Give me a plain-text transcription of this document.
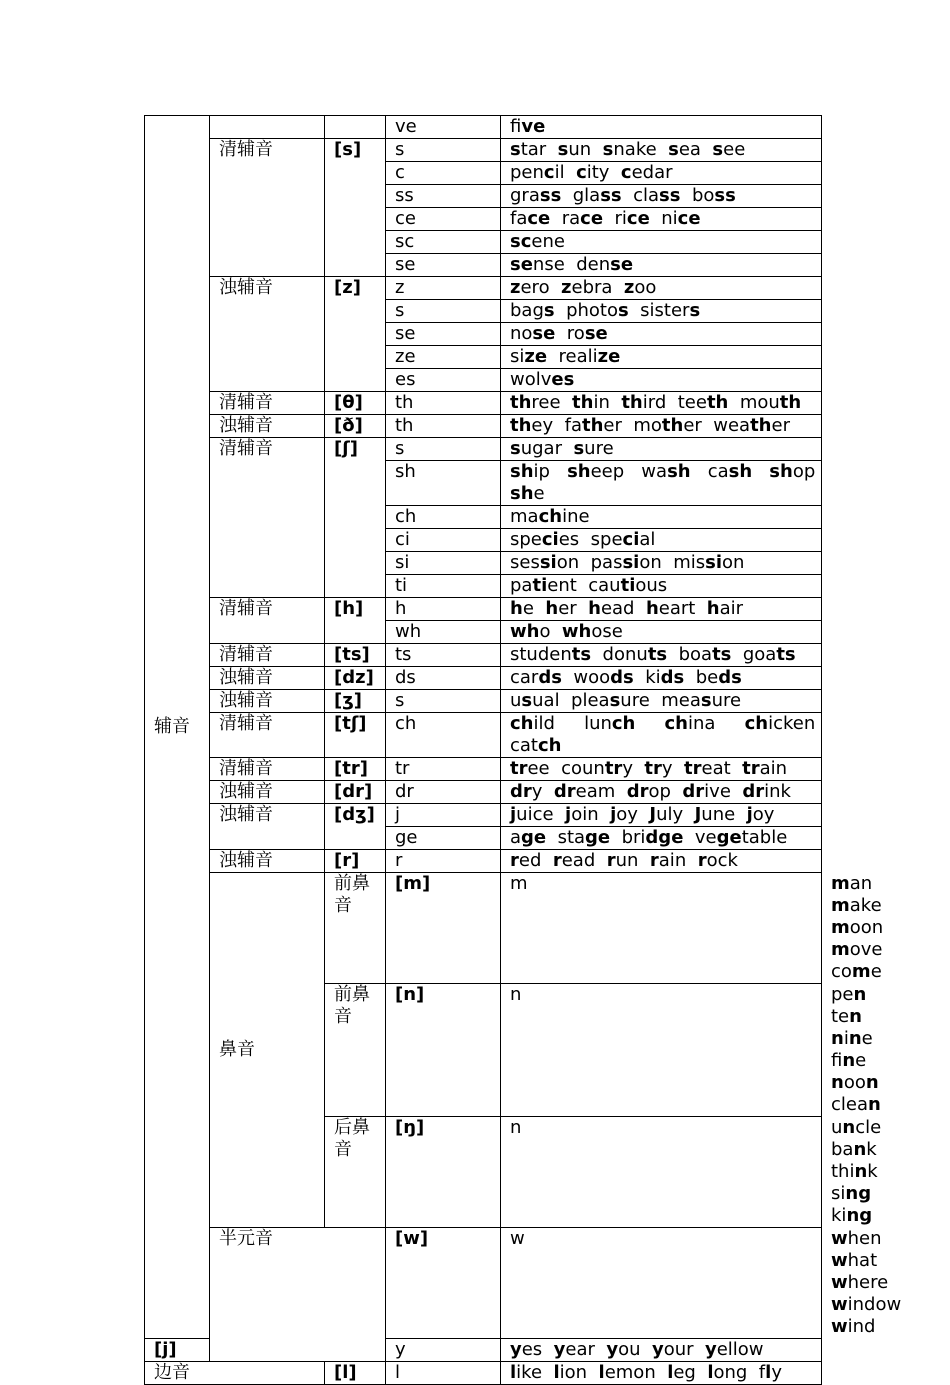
辅音			ve	five	
	清辅音	[s]	s	star sun snake sea see	
			c	pencil city cedar	
			ss	grass glass class boss	
			ce	face race rice nice	
			sc	scene	
			se	sense dense	
	浊辅音	[z]	z	zero zebra zoo	
			s	bags photos sisters	
			se	nose rose	
			ze	size realize	
			es	wolves	
	清辅音	[θ]	th	three thin third teeth mouth	
	浊辅音	[ð]	th	they father mother weather	
	清辅音	[ʃ]	s	sugar sure	
			sh	ship sheep wash cash shop  she	
			ch	machine	
			ci	species special	
			si	session passion mission	
			ti	patient cautious	
	清辅音	[h]	h	he her head heart hair	
			wh	who whose	
	清辅音	[ts]	ts	students donuts boats goats	
	浊辅音	[dz]	ds	cards woods kids beds	
	浊辅音	[ʒ]	s	usual pleasure measure	
	清辅音	[tʃ]	ch	child lunch china chicken  catch	
	清辅音	[tr]	tr	tree country try treat train	
	浊辅音	[dr]	dr	dry dream drop drive drink	
	浊辅音	[dʒ]	j	juice join joy July June joy	
			ge	age stage bridge vegetable	
	浊辅音	[r]	r	red read run rain rock	
	鼻音	前鼻音	[m]	m	man  make  moon  move  come
		前鼻音	[n]	n	pen  ten  nine  fine  noon  clean
		后鼻音	[ŋ]	n	uncle  bank  think  sing  king
	半元音		[w]	w	when  what  where  window  wind
[j]			y	yes year you your yellow	
边音		[l]	l	like lion lemon leg long fly	
